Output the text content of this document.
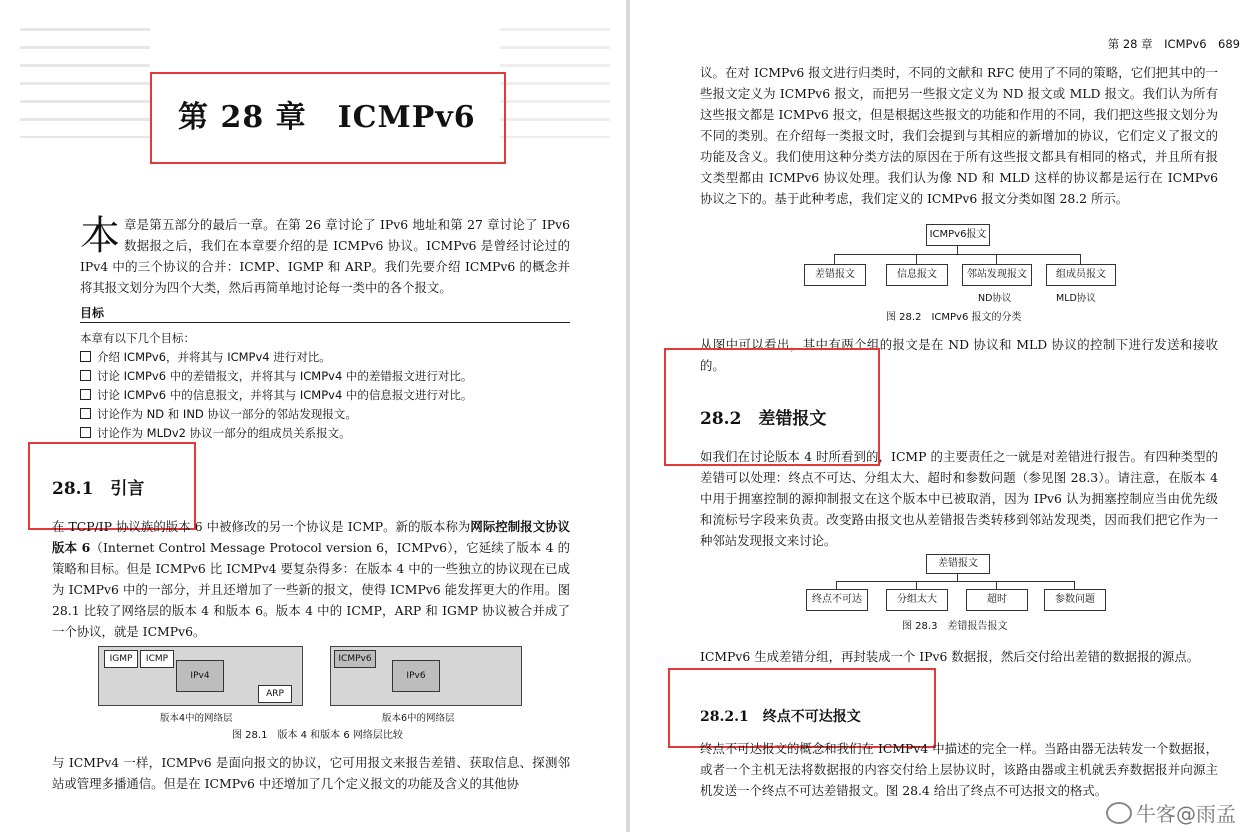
第 28 章　ICMPv6
本章是第五部分的最后一章。在第 26 章讨论了 IPv6 地址和第 27 章讨论了 IPv6 数据报之后，我们在本章要介绍的是 ICMPv6 协议。ICMPv6 是曾经讨论过的 IPv4 中的三个协议的合并：ICMP、IGMP 和 ARP。我们先要介绍 ICMPv6 的概念并将其报文划分为四个大类，然后再简单地讨论每一类中的各个报文。
目标
本章有以下几个目标：
介绍 ICMPv6，并将其与 ICMPv4 进行对比。
讨论 ICMPv6 中的差错报文，并将其与 ICMPv4 中的差错报文进行对比。
讨论 ICMPv6 中的信息报文，并将其与 ICMPv4 中的信息报文进行对比。
讨论作为 ND 和 IND 协议一部分的邻站发现报文。
讨论作为 MLDv2 协议一部分的组成员关系报文。
28.1　引言
在 TCP/IP 协议族的版本 6 中被修改的另一个协议是 ICMP。新的版本称为网际控制报文协议版本 6（Internet Control Message Protocol version 6，ICMPv6），它延续了版本 4 的策略和目标。但是 ICMPv6 比 ICMPv4 要复杂得多：在版本 4 中的一些独立的协议现在已成为 ICMPv6 中的一部分，并且还增加了一些新的报文，使得 ICMPv6 能发挥更大的作用。图 28.1 比较了网络层的版本 4 和版本 6。版本 4 中的 ICMP，ARP 和 IGMP 协议被合并成了一个协议，就是 ICMPv6。
IGMP	ICMP
IPv4
ARP
版本4中的网络层
ICMPv6
IPv6
版本6中的网络层
图 28.1　版本 4 和版本 6 网络层比较
与 ICMPv4 一样，ICMPv6 是面向报文的协议，它可用报文来报告差错、获取信息、探测邻站或管理多播通信。但是在 ICMPv6 中还增加了几个定义报文的功能及含义的其他协
第 28 章　ICMPv6　689
议。在对 ICMPv6 报文进行归类时，不同的文献和 RFC 使用了不同的策略，它们把其中的一些报文定义为 ICMPv6 报文，而把另一些报文定义为 ND 报文或 MLD 报文。我们认为所有这些报文都是 ICMPv6 报文，但是根据这些报文的功能和作用的不同，我们把这些报文划分为不同的类别。在介绍每一类报文时，我们会提到与其相应的新增加的协议，它们定义了报文的功能及含义。我们使用这种分类方法的原因在于所有这些报文都具有相同的格式，并且所有报文类型都由 ICMPv6 协议处理。我们认为像 ND 和 MLD 这样的协议都是运行在 ICMPv6 协议之下的。基于此种考虑，我们定义的 ICMPv6 报文分类如图 28.2 所示。
ICMPv6报文
差错报文	信息报文	邻站发现报文	组成员报文
ND协议	MLD协议
图 28.2　ICMPv6 报文的分类
从图中可以看出，其中有两个组的报文是在 ND 协议和 MLD 协议的控制下进行发送和接收的。
28.2　差错报文
如我们在讨论版本 4 时所看到的，ICMP 的主要责任之一就是对差错进行报告。有四种类型的差错可以处理：终点不可达、分组太大、超时和参数问题（参见图 28.3）。请注意，在版本 4 中用于拥塞控制的源抑制报文在这个版本中已被取消，因为 IPv6 认为拥塞控制应当由优先级和流标号字段来负责。改变路由报文也从差错报告类转移到邻站发现类，因而我们把它作为一种邻站发现报文来讨论。
差错报文
终点不可达	分组太大	超时	参数问题
图 28.3　差错报告报文
ICMPv6 生成差错分组，再封装成一个 IPv6 数据报，然后交付给出差错的数据报的源点。
28.2.1　终点不可达报文
终点不可达报文的概念和我们在 ICMPv4 中描述的完全一样。当路由器无法转发一个数据报，或者一个主机无法将数据报的内容交付给上层协议时，该路由器或主机就丢弃数据报并向源主机发送一个终点不可达差错报文。图 28.4 给出了终点不可达报文的格式。
牛客@雨孟
